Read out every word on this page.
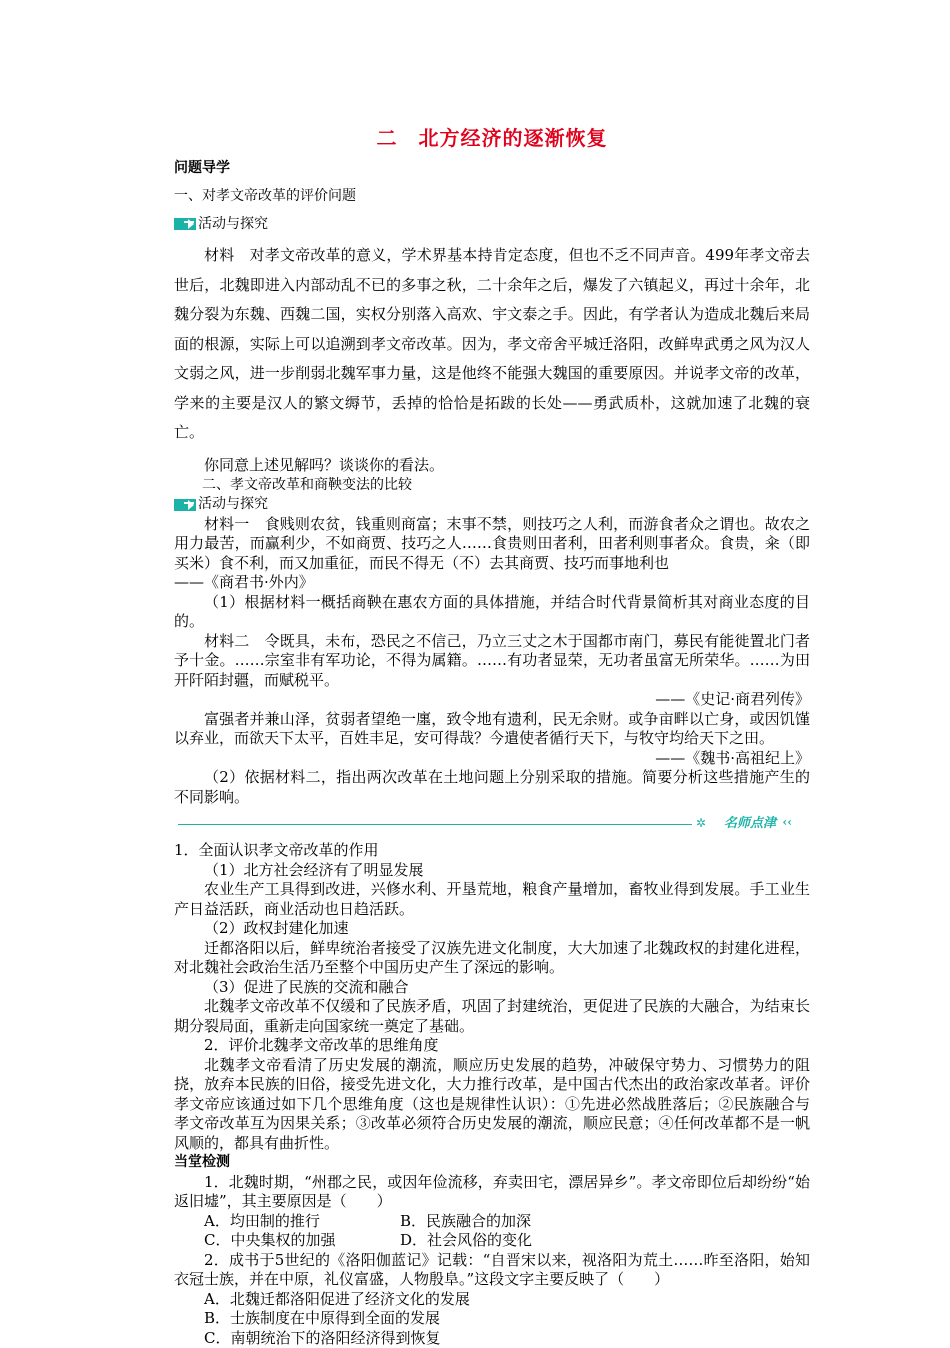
二　北方经济的逐渐恢复
问题导学
一、对孝文帝改革的评价问题
活动与探究

材料　对孝文帝改革的意义，学术界基本持肯定态度，但也不乏不同声音。499年孝文帝去世后，北魏即进入内部动乱不已的多事之秋，二十余年之后，爆发了六镇起义，再过十余年，北魏分裂为东魏、西魏二国，实权分别落入高欢、宇文泰之手。因此，有学者认为造成北魏后来局面的根源，实际上可以追溯到孝文帝改革。因为，孝文帝舍平城迁洛阳，改鲜卑武勇之风为汉人文弱之风，进一步削弱北魏军事力量，这是他终不能强大魏国的重要原因。并说孝文帝的改革，学来的主要是汉人的繁文缛节，丢掉的恰恰是拓跋的长处——勇武质朴，这就加速了北魏的衰亡。

你同意上述见解吗？谈谈你的看法。

二、孝文帝改革和商鞅变法的比较
活动与探究

材料一　食贱则农贫，钱重则商富；末事不禁，则技巧之人利，而游食者众之谓也。故农之用力最苦，而赢利少，不如商贾、技巧之人……食贵则田者利，田者利则事者众。食贵，籴（即买米）食不利，而又加重征，而民不得无（不）去其商贾、技巧而事地利也

——《商君书·外内》

（1）根据材料一概括商鞅在惠农方面的具体措施，并结合时代背景简析其对商业态度的目的。

材料二　令既具，未布，恐民之不信己，乃立三丈之木于国都市南门，募民有能徙置北门者予十金。……宗室非有军功论，不得为属籍。……有功者显荣，无功者虽富无所荣华。……为田开阡陌封疆，而赋税平。

——《史记·商君列传》

富强者并兼山泽，贫弱者望绝一廛，致令地有遗利，民无余财。或争亩畔以亡身，或因饥馑以弃业，而欲天下太平，百姓丰足，安可得哉？今遣使者循行天下，与牧守均给天下之田。

——《魏书·高祖纪上》

（2）依据材料二，指出两次改革在土地问题上分别采取的措施。简要分析这些措施产生的不同影响。

✲ 名师点津 ‹‹

1．全面认识孝文帝改革的作用

（1）北方社会经济有了明显发展

农业生产工具得到改进，兴修水利、开垦荒地，粮食产量增加，畜牧业得到发展。手工业生产日益活跃，商业活动也日趋活跃。

（2）政权封建化加速

迁都洛阳以后，鲜卑统治者接受了汉族先进文化制度，大大加速了北魏政权的封建化进程，对北魏社会政治生活乃至整个中国历史产生了深远的影响。

（3）促进了民族的交流和融合

北魏孝文帝改革不仅缓和了民族矛盾，巩固了封建统治，更促进了民族的大融合，为结束长期分裂局面，重新走向国家统一奠定了基础。

2．评价北魏孝文帝改革的思维角度

北魏孝文帝看清了历史发展的潮流，顺应历史发展的趋势，冲破保守势力、习惯势力的阻挠，放弃本民族的旧俗，接受先进文化，大力推行改革，是中国古代杰出的政治家改革者。评价孝文帝应该通过如下几个思维角度（这也是规律性认识）：①先进必然战胜落后；②民族融合与孝文帝改革互为因果关系；③改革必须符合历史发展的潮流，顺应民意；④任何改革都不是一帆风顺的，都具有曲折性。

当堂检测

1．北魏时期，“州郡之民，或因年俭流移，弃卖田宅，漂居异乡”。孝文帝即位后却纷纷“始返旧墟”，其主要原因是（　　）

A．均田制的推行	B．民族融合的加深
C．中央集权的加强	D．社会风俗的变化

2．成书于5世纪的《洛阳伽蓝记》记载：“自晋宋以来，视洛阳为荒土……昨至洛阳，始知衣冠士族，并在中原，礼仪富盛，人物殷阜。”这段文字主要反映了（　　）

A．北魏迁都洛阳促进了经济文化的发展
B．士族制度在中原得到全面的发展
C．南朝统治下的洛阳经济得到恢复
